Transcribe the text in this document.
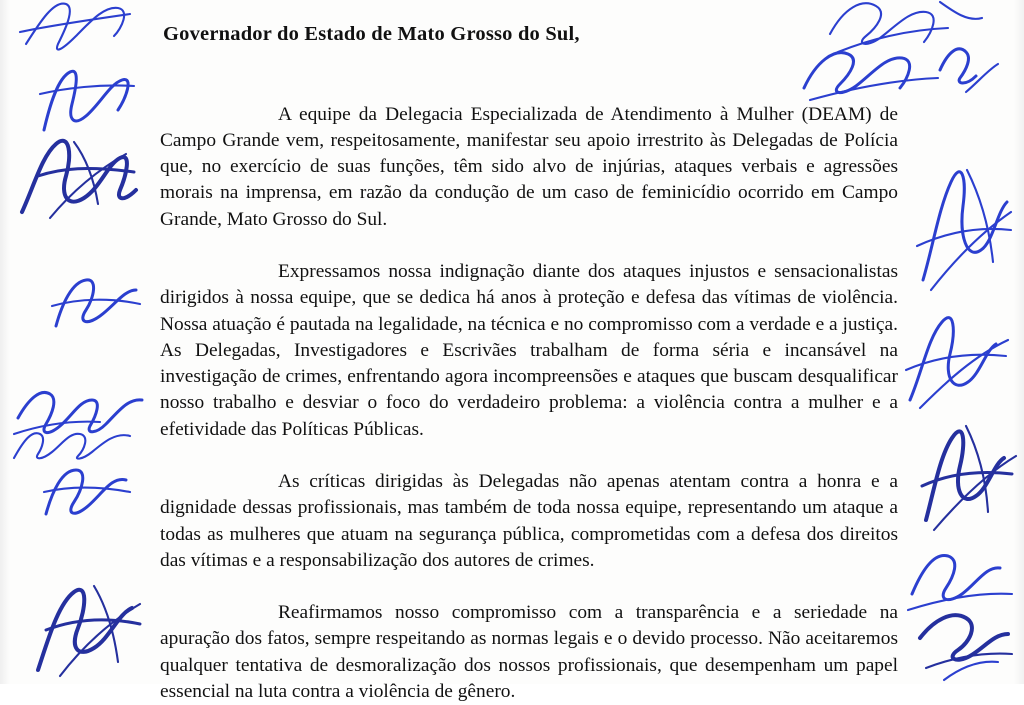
Governador do Estado de Mato Grosso do Sul,

A equipe da Delegacia Especializada de Atendimento à Mulher (DEAM) de Campo Grande vem, respeitosamente, manifestar seu apoio irrestrito às Delegadas de Polícia que, no exercício de suas funções, têm sido alvo de injúrias, ataques verbais e agressões morais na imprensa, em razão da condução de um caso de feminicídio ocorrido em Campo Grande, Mato Grosso do Sul.

Expressamos nossa indignação diante dos ataques injustos e sensacionalistas dirigidos à nossa equipe, que se dedica há anos à proteção e defesa das vítimas de violência. Nossa atuação é pautada na legalidade, na técnica e no compromisso com a verdade e a justiça. As Delegadas, Investigadores e Escrivães trabalham de forma séria e incansável na investigação de crimes, enfrentando agora incompreensões e ataques que buscam desqualificar nosso trabalho e desviar o foco do verdadeiro problema: a violência contra a mulher e a efetividade das Políticas Públicas.

As críticas dirigidas às Delegadas não apenas atentam contra a honra e a dignidade dessas profissionais, mas também de toda nossa equipe, representando um ataque a todas as mulheres que atuam na segurança pública, comprometidas com a defesa dos direitos das vítimas e a responsabilização dos autores de crimes.

Reafirmamos nosso compromisso com a transparência e a seriedade na apuração dos fatos, sempre respeitando as normas legais e o devido processo. Não aceitaremos qualquer tentativa de desmoralização dos nossos profissionais, que desempenham um papel essencial na luta contra a violência de gênero.
